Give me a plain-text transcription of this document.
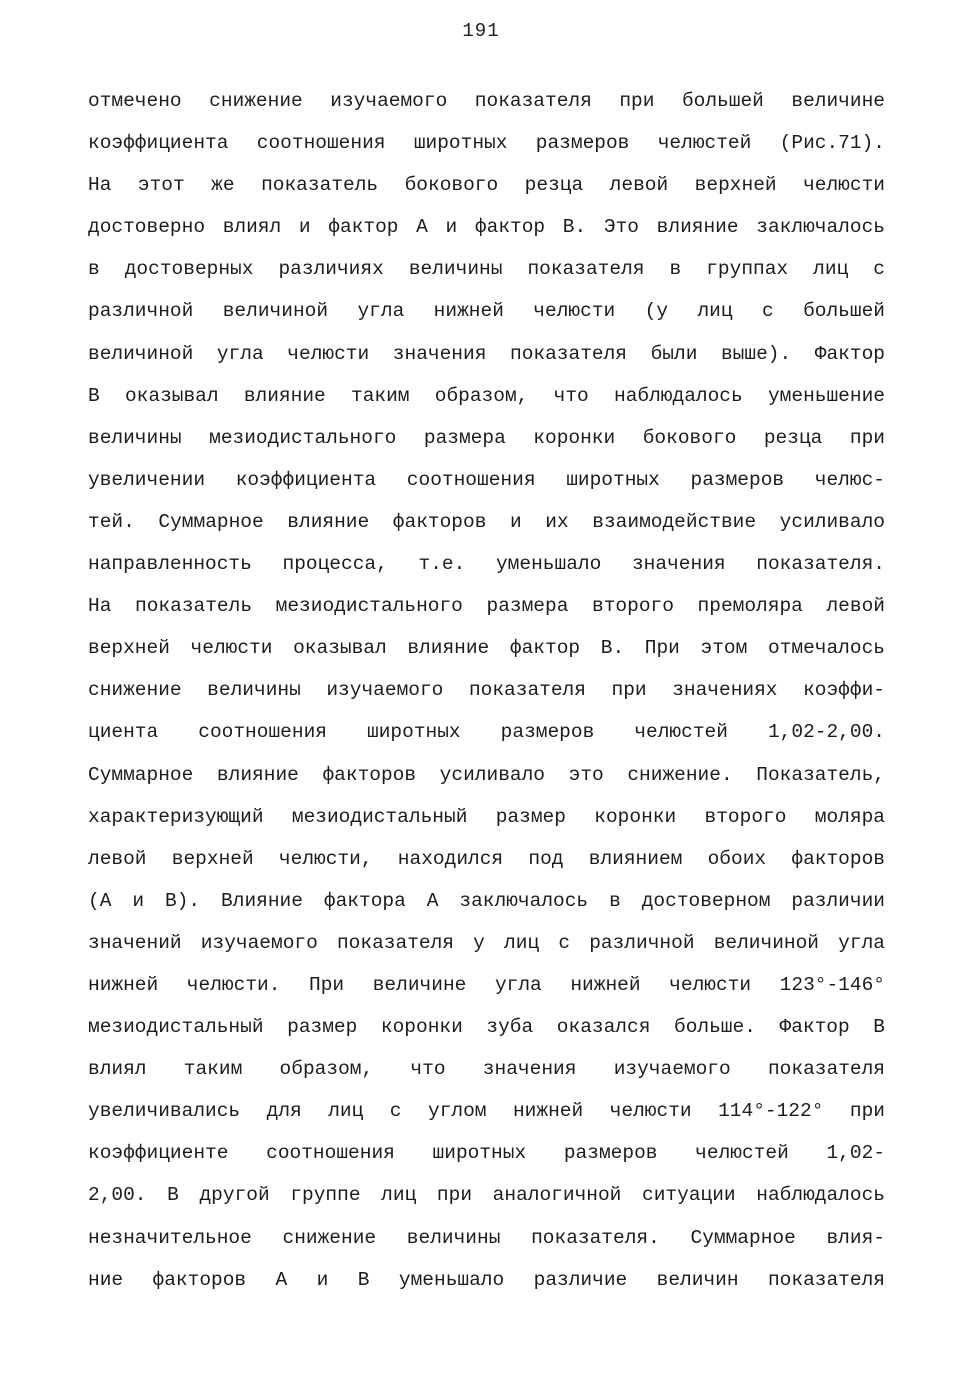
191
отмечено снижение изучаемого показателя при большей величине
коэффициента соотношения широтных размеров челюстей (Рис.71).
На этот же показатель бокового резца левой верхней челюсти
достоверно влиял и фактор А и фактор В. Это влияние заключалось
в достоверных различиях величины показателя в группах лиц с
различной величиной угла нижней челюсти (у лиц с большей
величиной угла челюсти значения показателя были выше). Фактор
В оказывал влияние таким образом, что наблюдалось уменьшение
величины мезиодистального размера коронки бокового резца при
увеличении коэффициента соотношения широтных размеров челюс-
тей. Суммарное влияние факторов и их взаимодействие усиливало
направленность процесса, т.е. уменьшало значения показателя.
На показатель мезиодистального размера второго премоляра левой
верхней челюсти оказывал влияние фактор В. При этом отмечалось
снижение величины изучаемого показателя при значениях коэффи-
циента соотношения широтных размеров челюстей 1,02-2,00.
Суммарное влияние факторов усиливало это снижение. Показатель,
характеризующий мезиодистальный размер коронки второго моляра
левой верхней челюсти, находился под влиянием обоих факторов
(А и В). Влияние фактора А заключалось в достоверном различии
значений изучаемого показателя у лиц с различной величиной угла
нижней челюсти. При величине угла нижней челюсти 123°-146°
мезиодистальный размер коронки зуба оказался больше. Фактор В
влиял таким образом, что значения изучаемого показателя
увеличивались для лиц с углом нижней челюсти 114°-122° при
коэффициенте соотношения широтных размеров челюстей 1,02-
2,00. В другой группе лиц при аналогичной ситуации наблюдалось
незначительное снижение величины показателя. Суммарное влия-
ние факторов А и В уменьшало различие величин показателя
